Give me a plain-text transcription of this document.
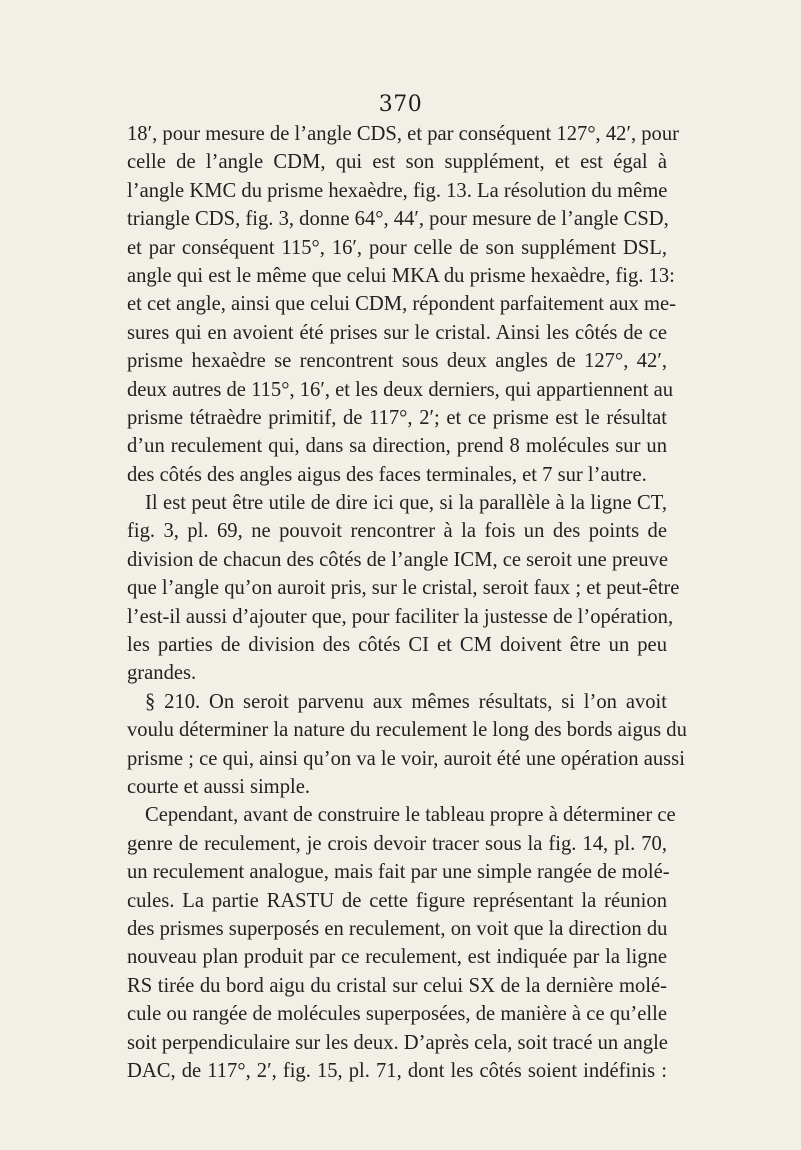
370
18′, pour mesure de l’angle CDS, et par conséquent 127°, 42′, pour
celle de l’angle CDM, qui est son supplément, et est égal à
l’angle KMC du prisme hexaèdre, fig. 13. La résolution du même
triangle CDS, fig. 3, donne 64°, 44′, pour mesure de l’angle CSD,
et par conséquent 115°, 16′, pour celle de son supplément DSL,
angle qui est le même que celui MKA du prisme hexaèdre, fig. 13:
et cet angle, ainsi que celui CDM, répondent parfaitement aux me-
sures qui en avoient été prises sur le cristal. Ainsi les côtés de ce
prisme hexaèdre se rencontrent sous deux angles de 127°, 42′,
deux autres de 115°, 16′, et les deux derniers, qui appartiennent au
prisme tétraèdre primitif, de 117°, 2′; et ce prisme est le résultat
d’un reculement qui, dans sa direction, prend 8 molécules sur un
des côtés des angles aigus des faces terminales, et 7 sur l’autre.
Il est peut être utile de dire ici que, si la parallèle à la ligne CT,
fig. 3, pl. 69, ne pouvoit rencontrer à la fois un des points de
division de chacun des côtés de l’angle ICM, ce seroit une preuve
que l’angle qu’on auroit pris, sur le cristal, seroit faux ; et peut-être
l’est-il aussi d’ajouter que, pour faciliter la justesse de l’opération,
les parties de division des côtés CI et CM doivent être un peu
grandes.
§ 210. On seroit parvenu aux mêmes résultats, si l’on avoit
voulu déterminer la nature du reculement le long des bords aigus du
prisme ; ce qui, ainsi qu’on va le voir, auroit été une opération aussi
courte et aussi simple.
Cependant, avant de construire le tableau propre à déterminer ce
genre de reculement, je crois devoir tracer sous la fig. 14, pl. 70,
un reculement analogue, mais fait par une simple rangée de molé-
cules. La partie RASTU de cette figure représentant la réunion
des prismes superposés en reculement, on voit que la direction du
nouveau plan produit par ce reculement, est indiquée par la ligne
RS tirée du bord aigu du cristal sur celui SX de la dernière molé-
cule ou rangée de molécules superposées, de manière à ce qu’elle
soit perpendiculaire sur les deux. D’après cela, soit tracé un angle
DAC, de 117°, 2′, fig. 15, pl. 71, dont les côtés soient indéfinis :
